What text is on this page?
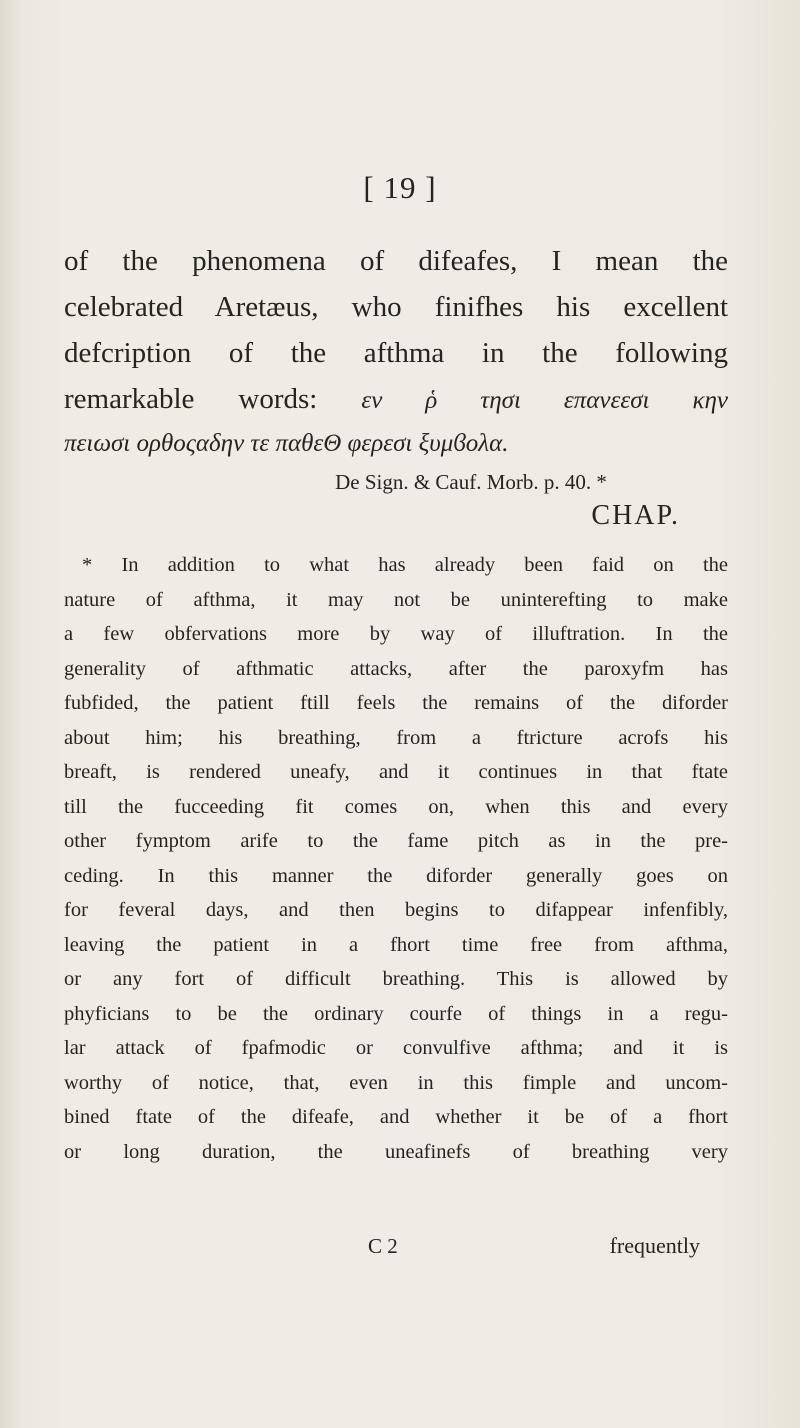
[ 19 ]
of the phenomena of difeafes, I mean the
celebrated Aretæus, who finifhes his excellent
defcription of the afthma in the following
remarkable words: εν ῥ τησι επανεεσι κην
πειωσι ορθοςαδην τε παθεΘ φερεσι ξυμϐολα.
De Sign. & Cauf. Morb. p. 40. *
CHAP.
* In addition to what has already been faid on the
nature of afthma, it may not be uninterefting to make
a few obfervations more by way of illuftration. In the
generality of afthmatic attacks, after the paroxyfm has
fubfided, the patient ftill feels the remains of the diforder
about him; his breathing, from a ftricture acrofs his
breaft, is rendered uneafy, and it continues in that ftate
till the fucceeding fit comes on, when this and every
other fymptom arife to the fame pitch as in the pre-
ceding. In this manner the diforder generally goes on
for feveral days, and then begins to difappear infenfibly,
leaving the patient in a fhort time free from afthma,
or any fort of difficult breathing. This is allowed by
phyficians to be the ordinary courfe of things in a regu-
lar attack of fpafmodic or convulfive afthma; and it is
worthy of notice, that, even in this fimple and uncom-
bined ftate of the difeafe, and whether it be of a fhort
or long duration, the uneafinefs of breathing very
C 2	frequently
